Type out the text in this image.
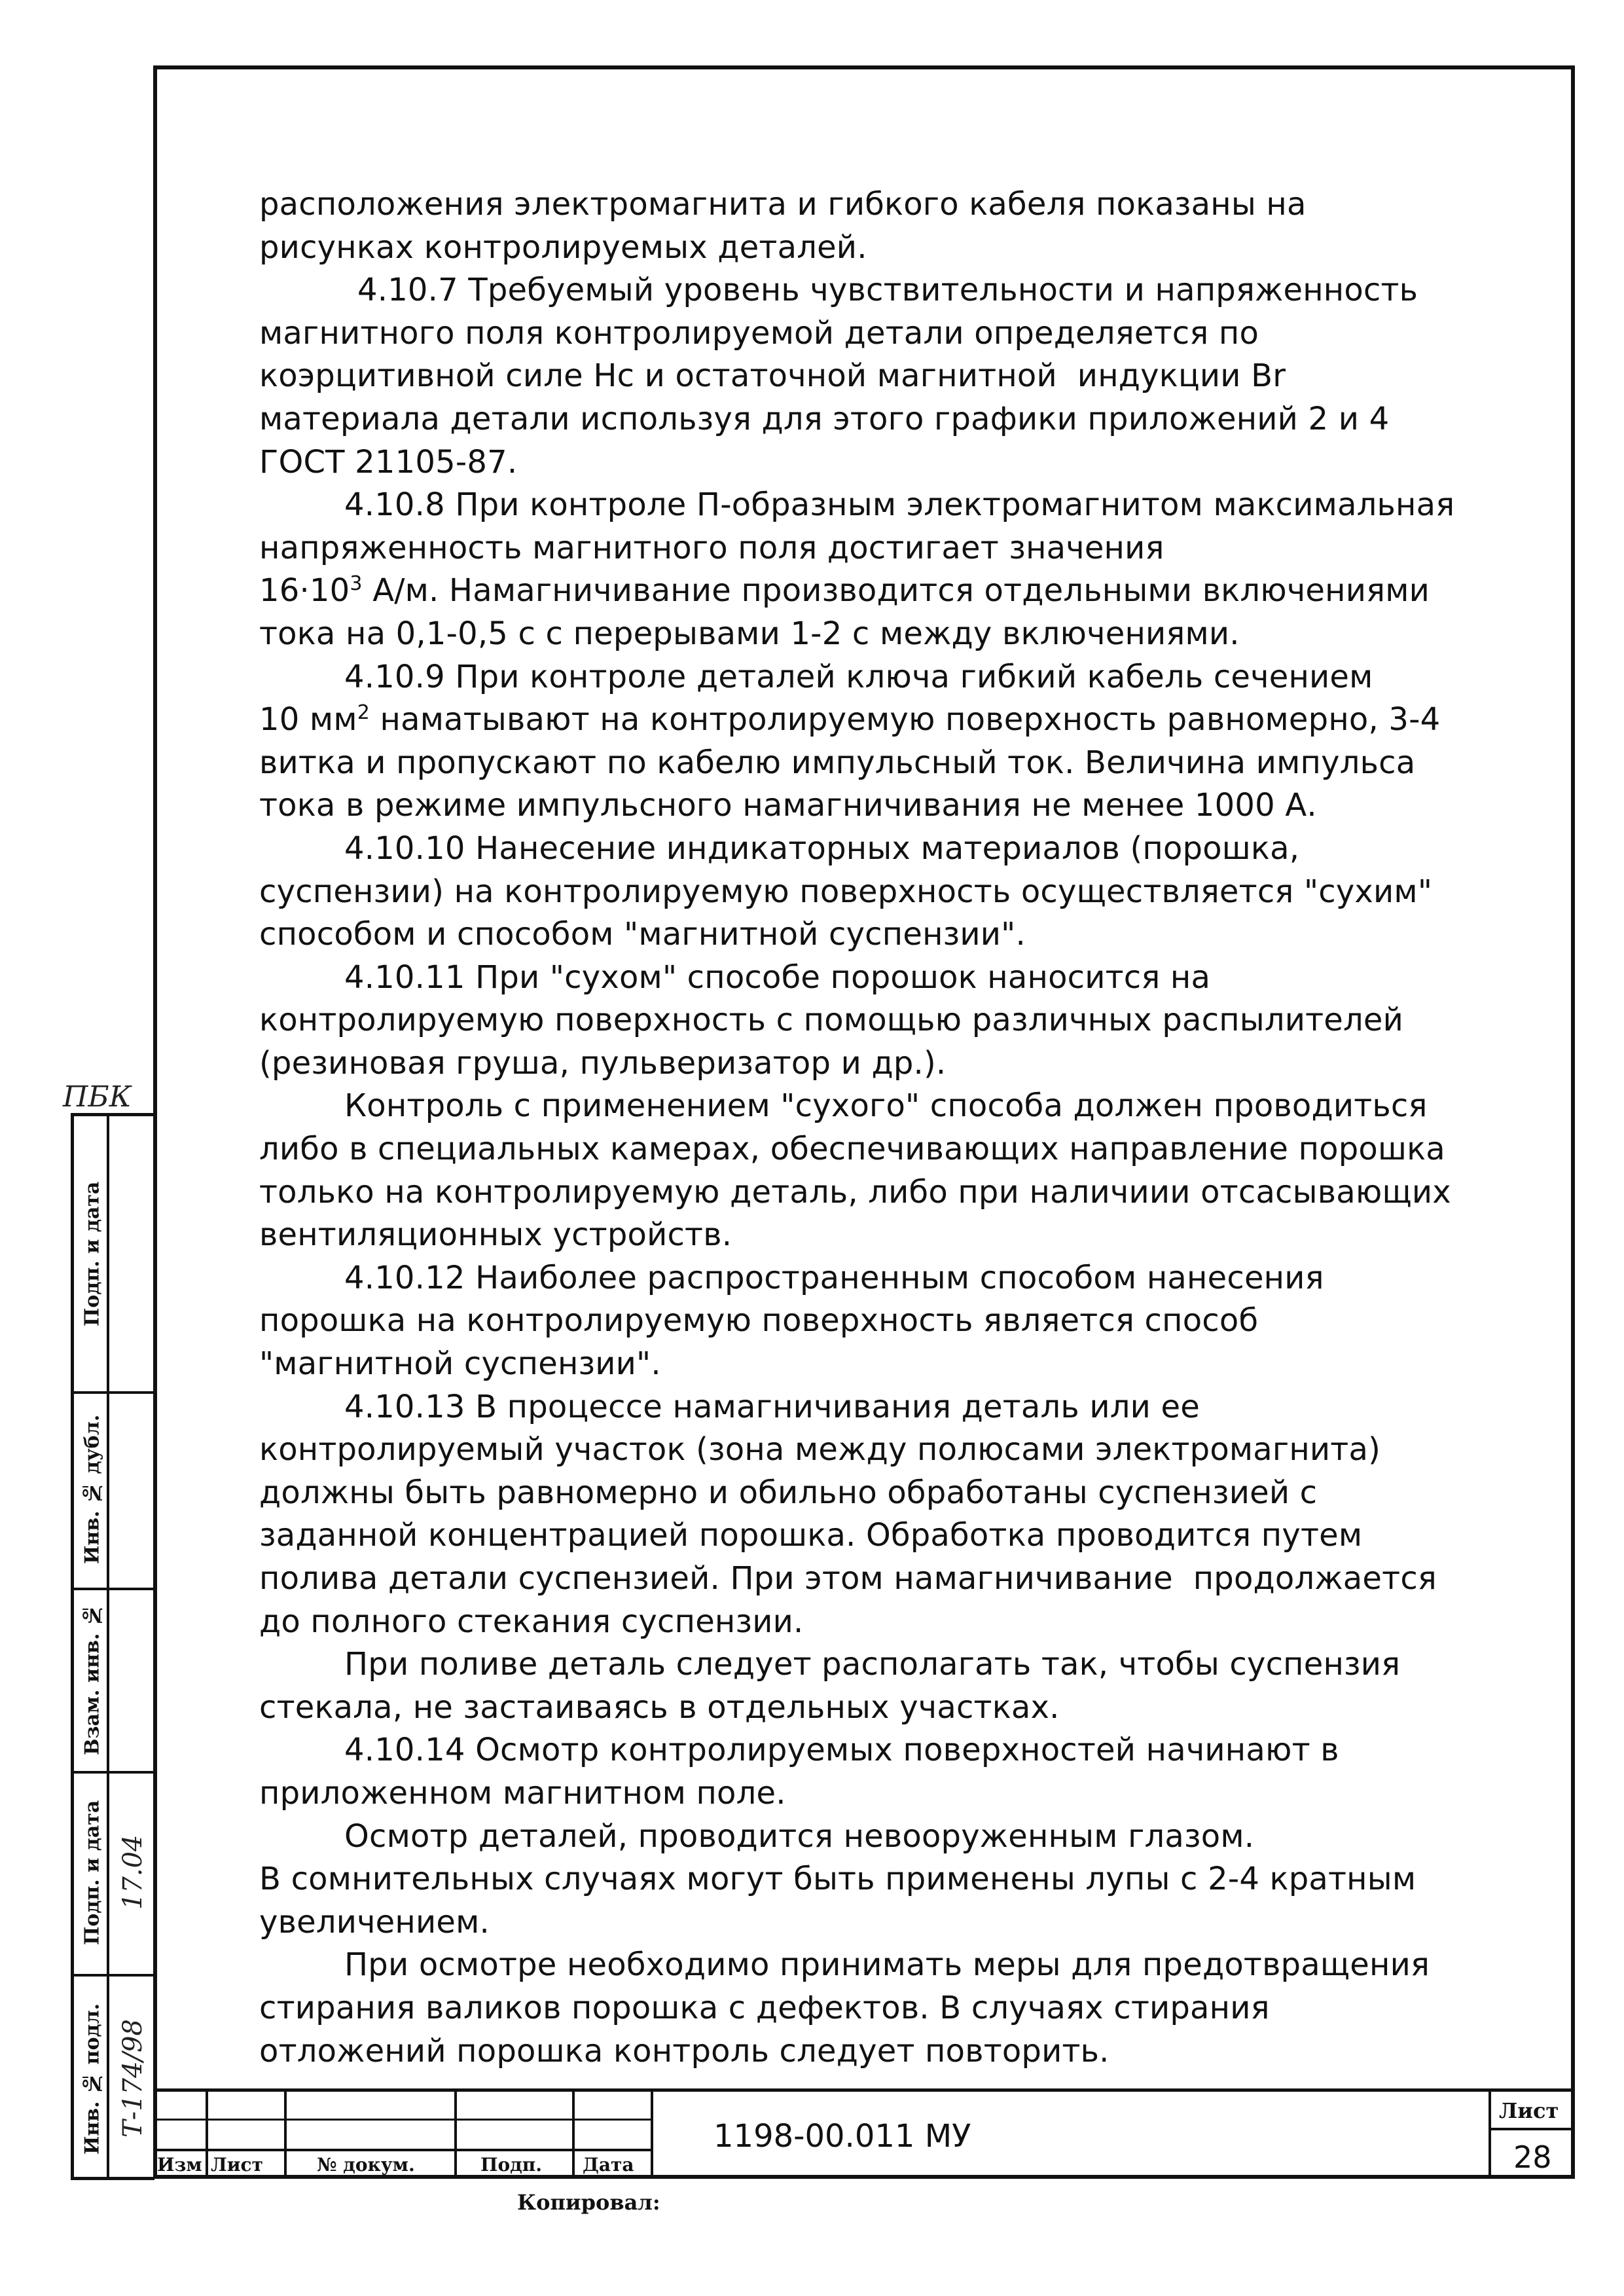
расположения электромагнита и гибкого кабеля показаны на рисунках контролируемых деталей.

4.10.7 Требуемый уровень чувствительности и напряженность магнитного поля контролируемой детали определяется по коэрцитивной силе Нс и остаточной магнитной  индукции Вr материала детали используя для этого графики приложений 2 и 4 ГОСТ 21105-87.

4.10.8 При контроле П-образным электромагнитом максимальная напряженность магнитного поля достигает значения

$16\cdot 10^3$ А/м. Намагничивание производится отдельными включениями тока на 0,1-0,5 с с перерывами 1-2 с между включениями.

4.10.9 При контроле деталей ключа гибкий кабель сечением

10 $мм^2$ наматывают на контролируемую поверхность равномерно, 3-4 витка и пропускают по кабелю импульсный ток. Величина импульса тока в режиме импульсного намагничивания не менее 1000 А.

4.10.10 Нанесение индикаторных материалов (порошка, суспензии) на контролируемую поверхность осуществляется "сухим" способом и способом "магнитной суспензии".

4.10.11 При "сухом" способе порошок наносится на контролируемую поверхность с помощью различных распылителей (резиновая груша, пульверизатор и др.).

Контроль с применением "сухого" способа должен проводиться либо в специальных камерах, обеспечивающих направление порошка только на контролируемую деталь, либо при наличиии отсасывающих вентиляционных устройств.

4.10.12 Наиболее распространенным способом нанесения порошка на контролируемую поверхность является способ "магнитной суспензии".

4.10.13 В процессе намагничивания деталь или ее контролируемый участок (зона между полюсами электромагнита) должны быть равномерно и обильно обработаны суспензией с заданной концентрацией порошка. Обработка проводится путем полива детали суспензией. При этом намагничивание  продолжается до полного стекания суспензии.

При поливе деталь следует располагать так, чтобы суспензия стекала, не застаиваясь в отдельных участках.

4.10.14 Осмотр контролируемых поверхностей начинают в приложенном магнитном поле.

Осмотр деталей, проводится невооруженным глазом.

В сомнительных случаях могут быть применены лупы с 2-4 кратным увеличением.

При осмотре необходимо принимать меры для предотвращения стирания валиков порошка с дефектов. В случаях стирания отложений порошка контроль следует повторить.

ПБК
Подп. и дата
Инв. № дубл.
Взам. инв. №
Подп. и дата
Инв. № подл.
17.04
Т-174/98
Изм Лист	№ докум.	Подп. Дата
1198-00.011 МУ
Лист
28
Копировал:
